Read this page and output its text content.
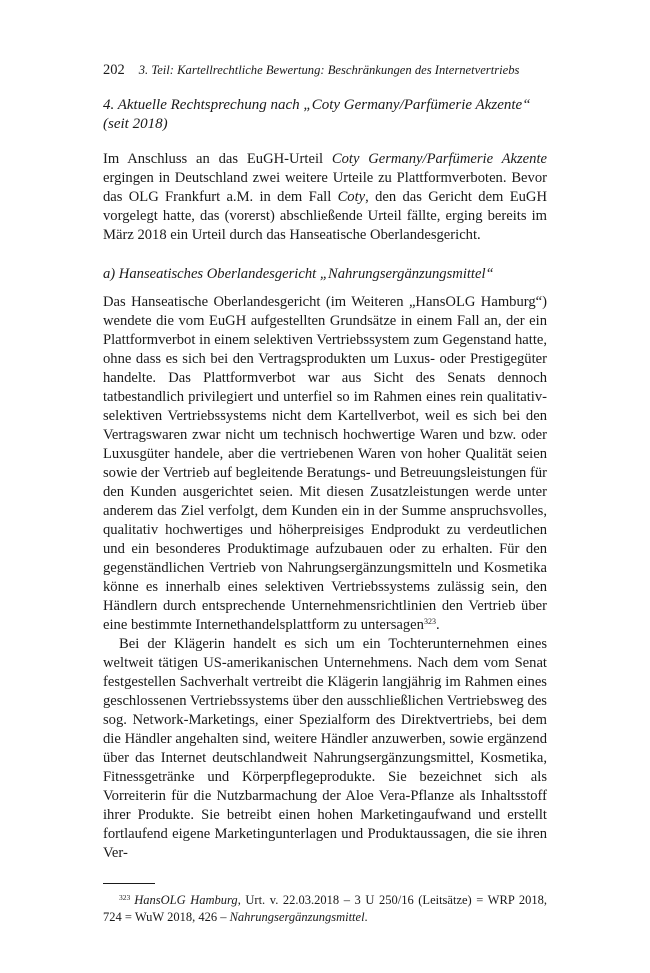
202 3. Teil: Kartellrechtliche Bewertung: Beschränkungen des Internetvertriebs
4. Aktuelle Rechtsprechung nach „Coty Germany/Parfümerie Akzente“ (seit 2018)

Im Anschluss an das EuGH-Urteil Coty Germany/Parfümerie Akzente ergingen in Deutschland zwei weitere Urteile zu Plattformverboten. Bevor das OLG Frankfurt a.M. in dem Fall Coty, den das Gericht dem EuGH vorgelegt hatte, das (vorerst) abschließende Urteil fällte, erging bereits im März 2018 ein Urteil durch das Hanseatische Oberlandesgericht.

a) Hanseatisches Oberlandesgericht „Nahrungsergänzungsmittel“

Das Hanseatische Oberlandesgericht (im Weiteren „HansOLG Hamburg“) wendete die vom EuGH aufgestellten Grundsätze in einem Fall an, der ein Plattformverbot in einem selektiven Vertriebssystem zum Gegenstand hatte, ohne dass es sich bei den Vertragsprodukten um Luxus- oder Prestigegüter handelte. Das Plattformverbot war aus Sicht des Senats dennoch tatbestandlich privilegiert und unterfiel so im Rahmen eines rein qualitativ-selektiven Vertriebssystems nicht dem Kartellverbot, weil es sich bei den Vertragswaren zwar nicht um technisch hochwertige Waren und bzw. oder Luxusgüter handele, aber die vertriebenen Waren von hoher Qualität seien sowie der Vertrieb auf begleitende Beratungs- und Betreuungsleistungen für den Kunden ausgerichtet seien. Mit diesen Zusatzleistungen werde unter anderem das Ziel verfolgt, dem Kunden ein in der Summe anspruchsvolles, qualitativ hochwertiges und höherpreisiges Endprodukt zu verdeutlichen und ein besonderes Produktimage aufzubauen oder zu erhalten. Für den gegenständlichen Vertrieb von Nahrungsergänzungsmitteln und Kosmetika könne es innerhalb eines selektiven Vertriebssystems zulässig sein, den Händlern durch entsprechende Unternehmensrichtlinien den Vertrieb über eine bestimmte Internethandelsplattform zu untersagen$^{323}$.

Bei der Klägerin handelt es sich um ein Tochterunternehmen eines weltweit tätigen US-amerikanischen Unternehmens. Nach dem vom Senat festgestellen Sachverhalt vertreibt die Klägerin langjährig im Rahmen eines geschlossenen Vertriebssystems über den ausschließlichen Vertriebsweg des sog. Network-Marketings, einer Spezialform des Direktvertriebs, bei dem die Händler angehalten sind, weitere Händler anzuwerben, sowie ergänzend über das Internet deutschlandweit Nahrungsergänzungsmittel, Kosmetika, Fitnessgetränke und Körperpflegeprodukte. Sie bezeichnet sich als Vorreiterin für die Nutzbarmachung der Aloe Vera-Pflanze als Inhaltsstoff ihrer Produkte. Sie betreibt einen hohen Marketingaufwand und erstellt fortlaufend eigene Marketingunterlagen und Produktaussagen, die sie ihren Ver-

$^{323}$ HansOLG Hamburg, Urt. v. 22.03.2018 – 3 U 250/16 (Leitsätze) = WRP 2018, 724 = WuW 2018, 426 – Nahrungsergänzungsmittel.
